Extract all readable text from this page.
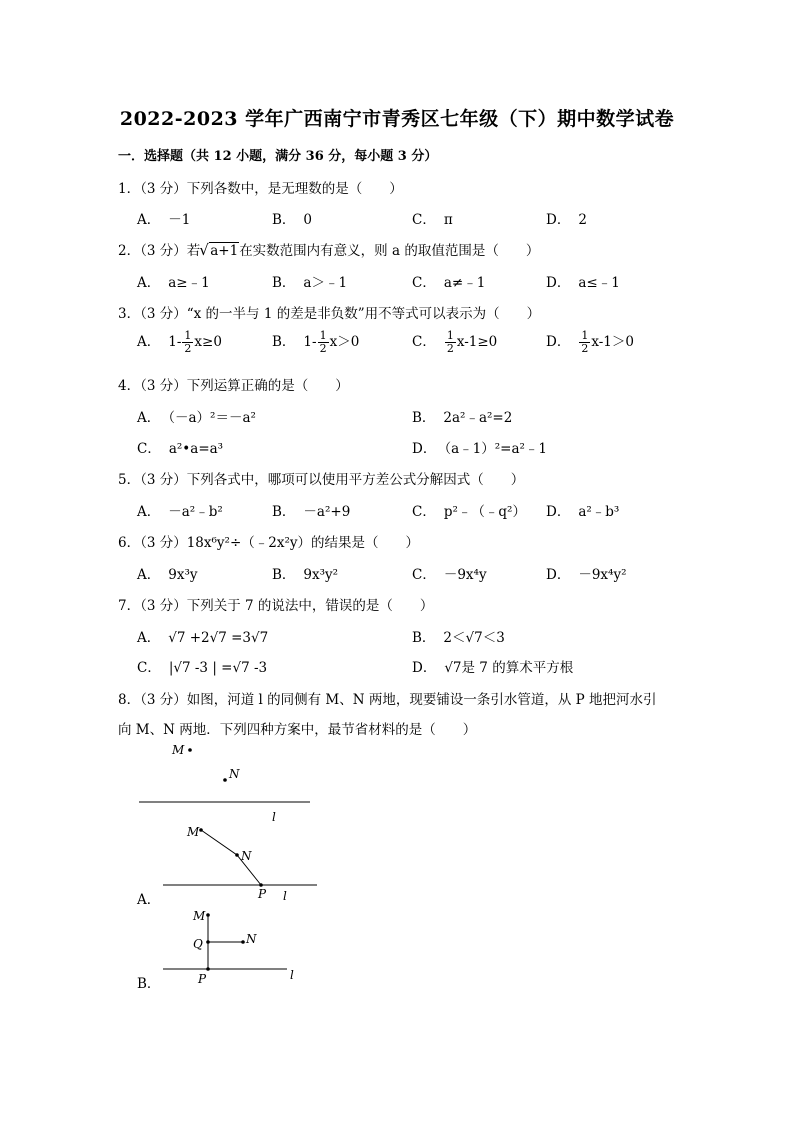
2022-2023 学年广西南宁市青秀区七年级（下）期中数学试卷
一．选择题（共 12 小题，满分 36 分，每小题 3 分）
1．（3 分）下列各数中，是无理数的是（　　）
A． －1	B． 0	C． π	D． 2
2．（3 分）若√ a+1在实数范围内有意义，则 a 的取值范围是（　　）
A． a≥﹣1	B． a＞﹣1	C． a≠﹣1	D． a≤﹣1
3．（3 分）“x 的一半与 1 的差是非负数”用不等式可以表示为（　　）
A． $1- \frac{1}{2} x\ge 0$	B． $1- \frac{1}{2} x>0$	C． $\frac{1}{2} x-1\ge 0$	D． $\frac{1}{2} x-1>0$
4．（3 分）下列运算正确的是（　　）
A． （－a）²＝－a²	B． 2a²﹣a²=2
C． a²•a=a³	D． （a﹣1）²=a²﹣1
5．（3 分）下列各式中，哪项可以使用平方差公式分解因式（　　）
A． －a²﹣b²	B． －a²+9	C． p²﹣（﹣q²） D． a²﹣b³
6．（3 分）18x⁶y²÷（﹣2x²y）的结果是（　　）
A． 9x³y	B． 9x³y²	C． －9x⁴y	D． －9x⁴y²
7．（3 分）下列关于 7 的说法中，错误的是（　　）
A． √7 +2√7 =3√7	B． 2＜√7＜3
C． |√7 -3 | =√7 -3	D． √7是 7 的算术平方根
8．（3 分）如图，河道 l 的同侧有 M、N 两地，现要铺设一条引水管道，从 P 地把河水引
向 M、N 两地．下列四种方案中，最节省材料的是（　　）
M
N
l
A．
M
N
P l
B．
M
Q	N
P	l
